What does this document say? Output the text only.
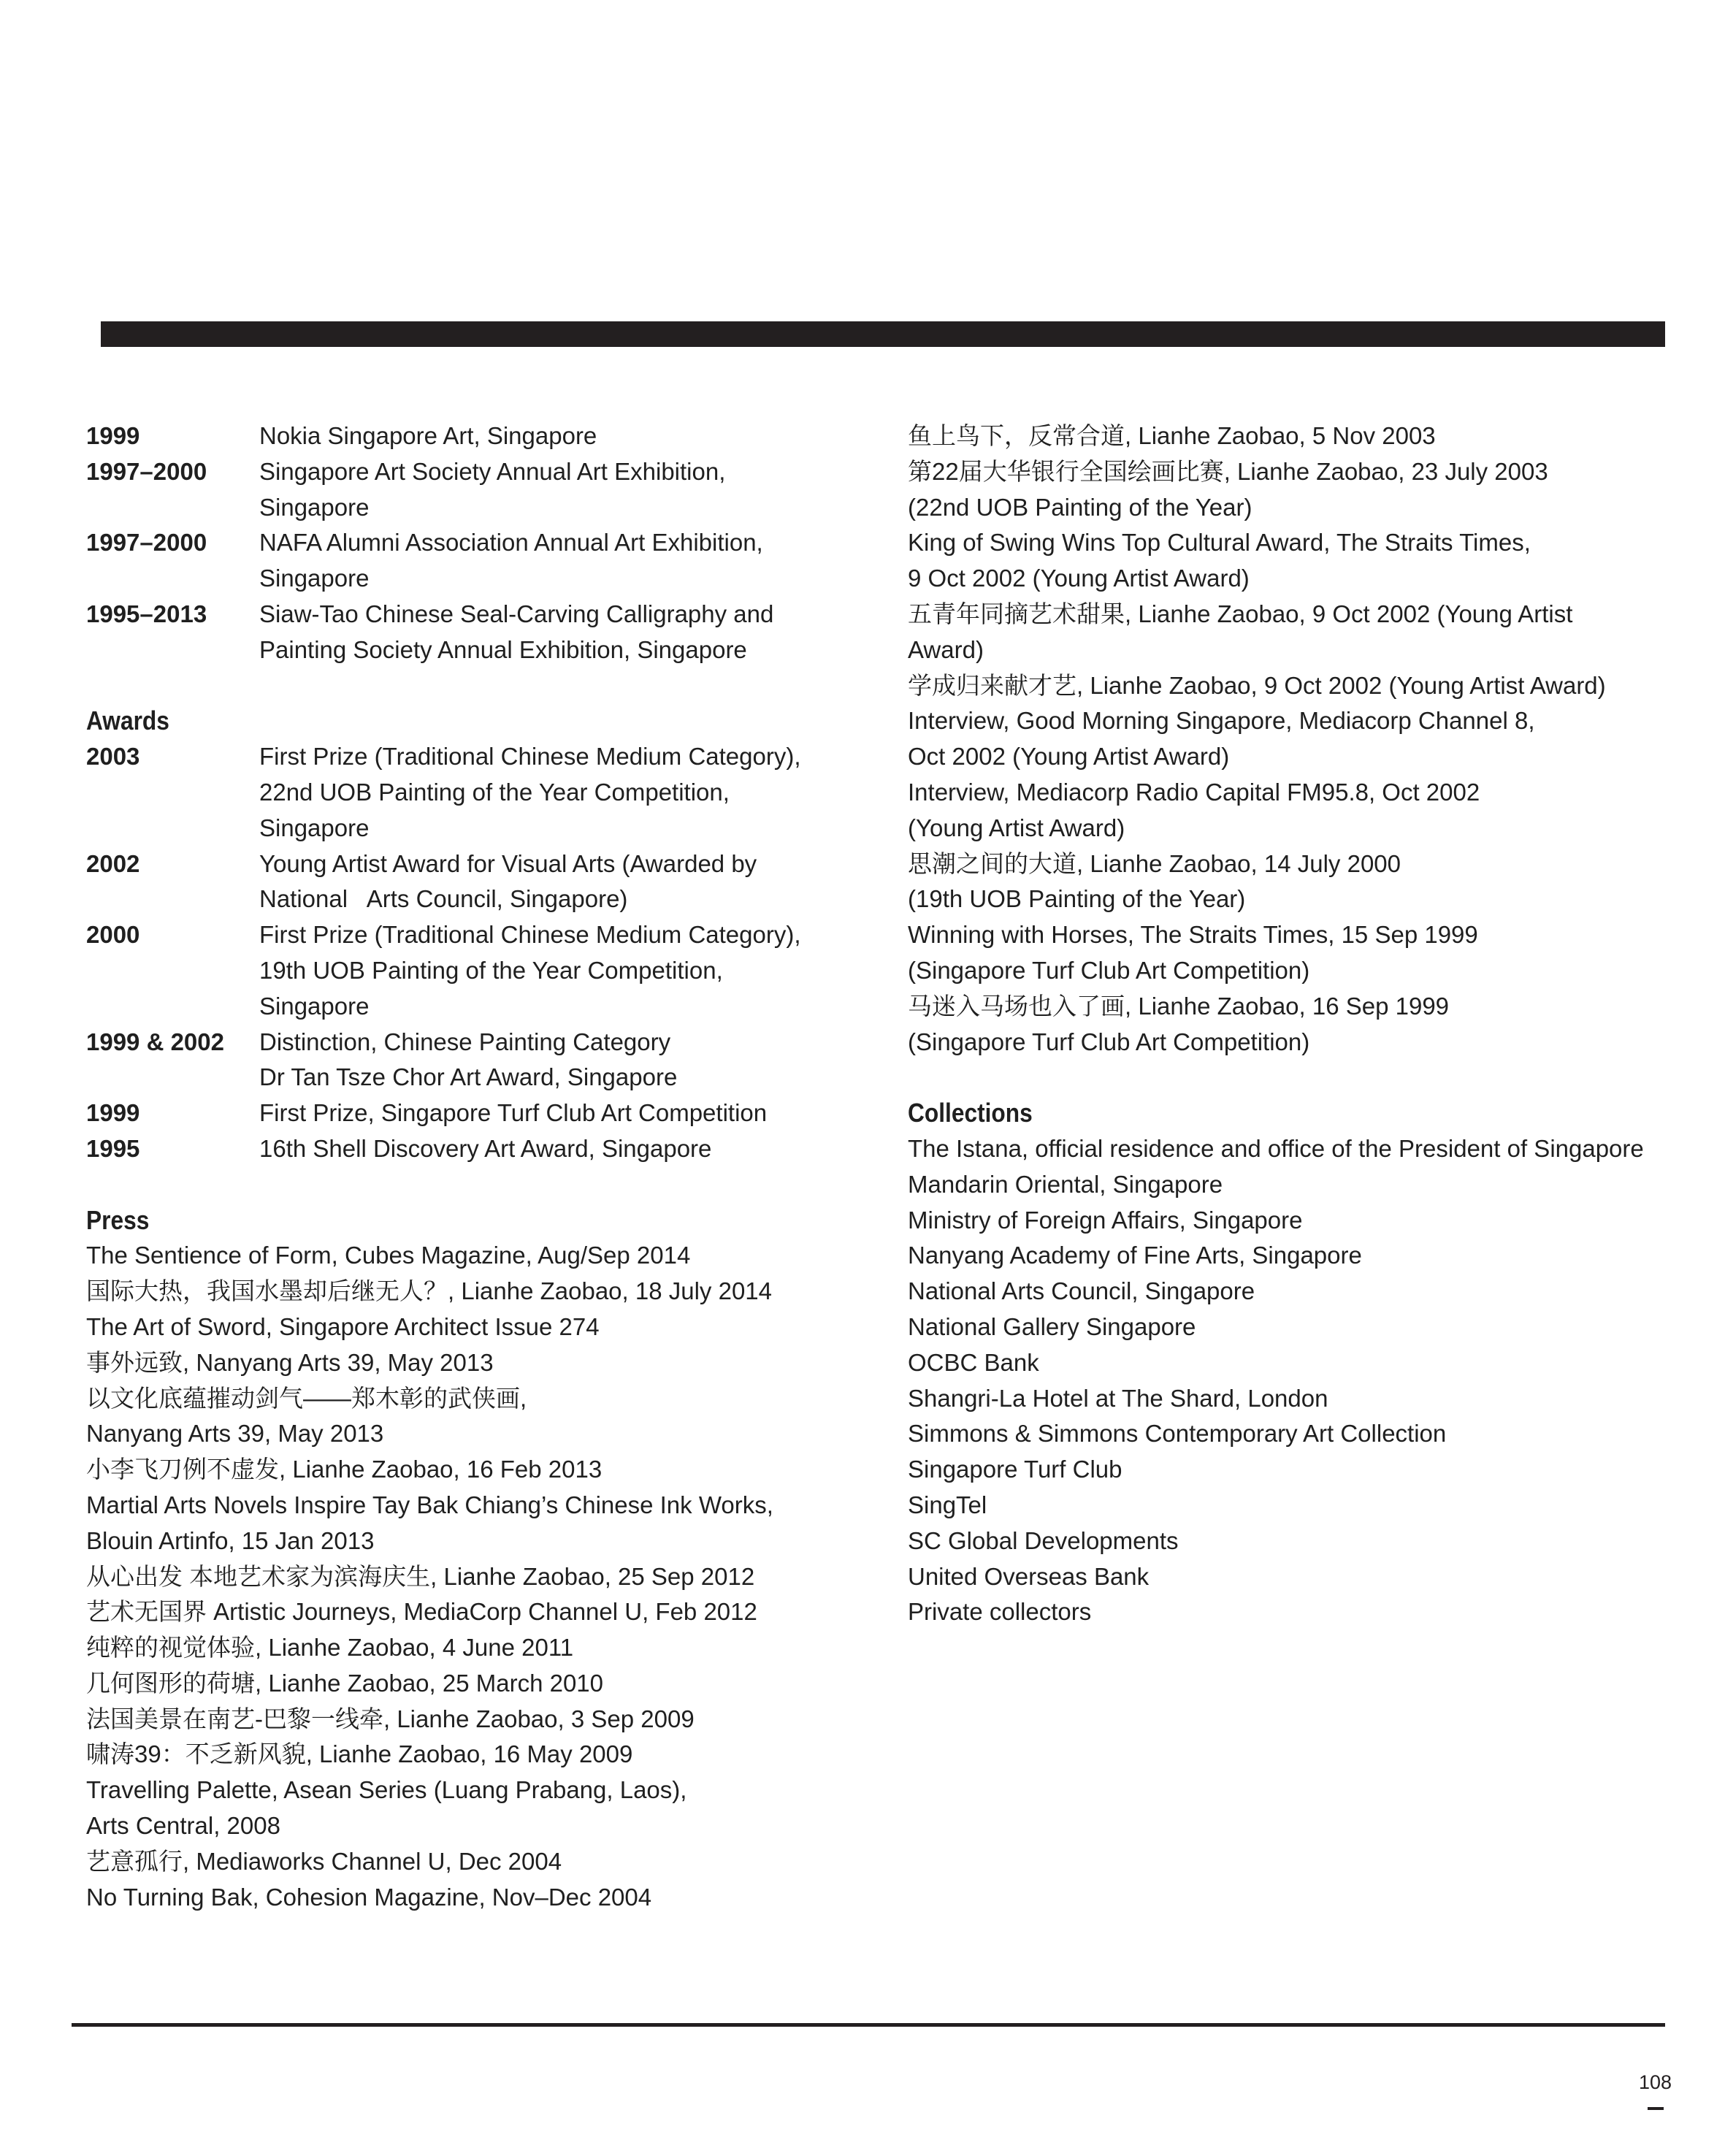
1999	Nokia Singapore Art, Singapore
1997–2000	Singapore Art Society Annual Art Exhibition,
Singapore
1997–2000	NAFA Alumni Association Annual Art Exhibition,
Singapore
1995–2013	Siaw-Tao Chinese Seal-Carving Calligraphy and
Painting Society Annual Exhibition, Singapore
Awards
2003	First Prize (Traditional Chinese Medium Category),
22nd UOB Painting of the Year Competition,
Singapore
2002	Young Artist Award for Visual Arts (Awarded by
National   Arts Council, Singapore)
2000	First Prize (Traditional Chinese Medium Category),
19th UOB Painting of the Year Competition,
Singapore
1999 & 2002	Distinction, Chinese Painting Category
Dr Tan Tsze Chor Art Award, Singapore
1999	First Prize, Singapore Turf Club Art Competition
1995	16th Shell Discovery Art Award, Singapore
Press
The Sentience of Form, Cubes Magazine, Aug/Sep 2014
国际大热，我国水墨却后继无人？, Lianhe Zaobao, 18 July 2014
The Art of Sword, Singapore Architect Issue 274
事外远致, Nanyang Arts 39, May 2013
以文化底蕴摧动剑气——郑木彰的武侠画,
Nanyang Arts 39, May 2013
小李飞刀例不虚发, Lianhe Zaobao, 16 Feb 2013
Martial Arts Novels Inspire Tay Bak Chiang’s Chinese Ink Works,
Blouin Artinfo, 15 Jan 2013
从心出发 本地艺术家为滨海庆生, Lianhe Zaobao, 25 Sep 2012
艺术无国界 Artistic Journeys, MediaCorp Channel U, Feb 2012
纯粹的视觉体验, Lianhe Zaobao, 4 June 2011
几何图形的荷塘, Lianhe Zaobao, 25 March 2010
法国美景在南艺-巴黎一线牵, Lianhe Zaobao, 3 Sep 2009
啸涛39：不乏新风貌, Lianhe Zaobao, 16 May 2009
Travelling Palette, Asean Series (Luang Prabang, Laos),
Arts Central, 2008
艺意孤行, Mediaworks Channel U, Dec 2004
No Turning Bak, Cohesion Magazine, Nov–Dec 2004
鱼上鸟下，反常合道, Lianhe Zaobao, 5 Nov 2003
第22届大华银行全国绘画比赛, Lianhe Zaobao, 23 July 2003
(22nd UOB Painting of the Year)
King of Swing Wins Top Cultural Award, The Straits Times,
9 Oct 2002 (Young Artist Award)
五青年同摘艺术甜果, Lianhe Zaobao, 9 Oct 2002 (Young Artist
Award)
学成归来献才艺, Lianhe Zaobao, 9 Oct 2002 (Young Artist Award)
Interview, Good Morning Singapore, Mediacorp Channel 8,
Oct 2002 (Young Artist Award)
Interview, Mediacorp Radio Capital FM95.8, Oct 2002
(Young Artist Award)
思潮之间的大道, Lianhe Zaobao, 14 July 2000
(19th UOB Painting of the Year)
Winning with Horses, The Straits Times, 15 Sep 1999
(Singapore Turf Club Art Competition)
马迷入马场也入了画, Lianhe Zaobao, 16 Sep 1999
(Singapore Turf Club Art Competition)
Collections
The Istana, official residence and office of the President of Singapore
Mandarin Oriental, Singapore
Ministry of Foreign Affairs, Singapore
Nanyang Academy of Fine Arts, Singapore
National Arts Council, Singapore
National Gallery Singapore
OCBC Bank
Shangri-La Hotel at The Shard, London
Simmons & Simmons Contemporary Art Collection
Singapore Turf Club
SingTel
SC Global Developments
United Overseas Bank
Private collectors
108
